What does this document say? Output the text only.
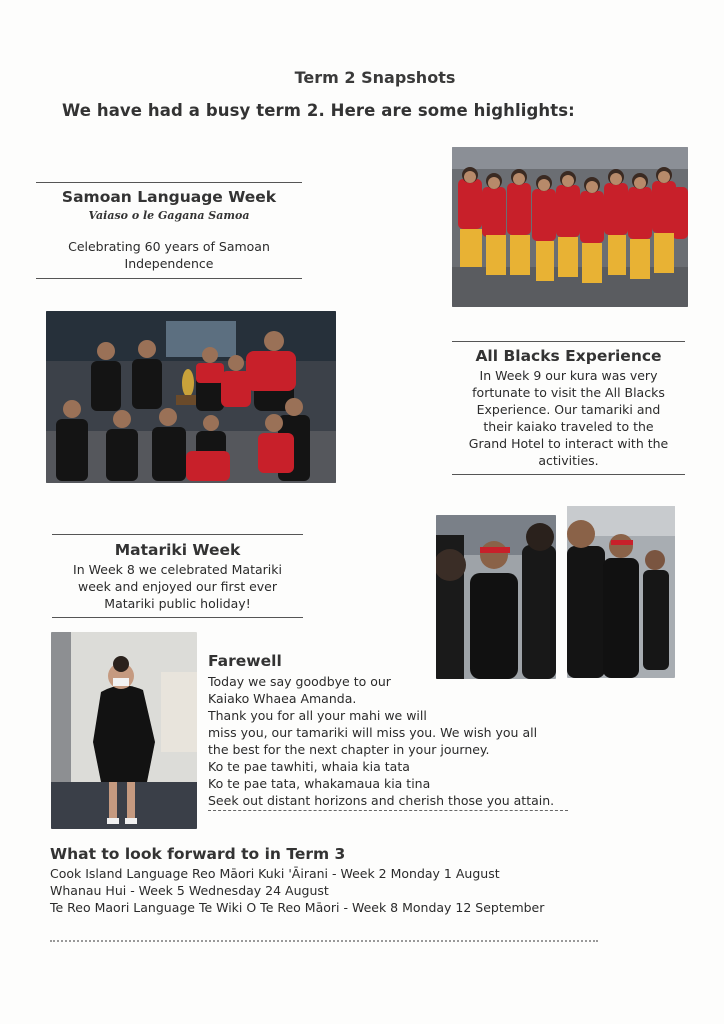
Term 2 Snapshots
We have had a busy term 2. Here are some highlights:
Samoan Language Week
Vaiaso o le Gagana Samoa
Celebrating 60 years of Samoan
Independence
All Blacks Experience
In Week 9 our kura was very
fortunate to visit the All Blacks
Experience. Our tamariki and
their kaiako traveled to the
Grand Hotel to interact with the
activities.
Matariki Week
In Week 8 we celebrated Matariki
week and enjoyed our first ever
Matariki public holiday!
Farewell
Today we say goodbye to our
Kaiako Whaea Amanda.
Thank you for all your mahi we will
miss you, our tamariki will miss you. We wish you all
the best for the next chapter in your journey.
Ko te pae tawhiti, whaia kia tata
Ko te pae tata, whakamaua kia tina
Seek out distant horizons and cherish those you attain.
What to look forward to in Term 3
Cook Island Language Reo Māori Kuki 'Āirani - Week 2 Monday 1 August
Whanau Hui - Week 5 Wednesday 24 August
Te Reo Maori Language Te Wiki O Te Reo Māori - Week 8 Monday 12 September
